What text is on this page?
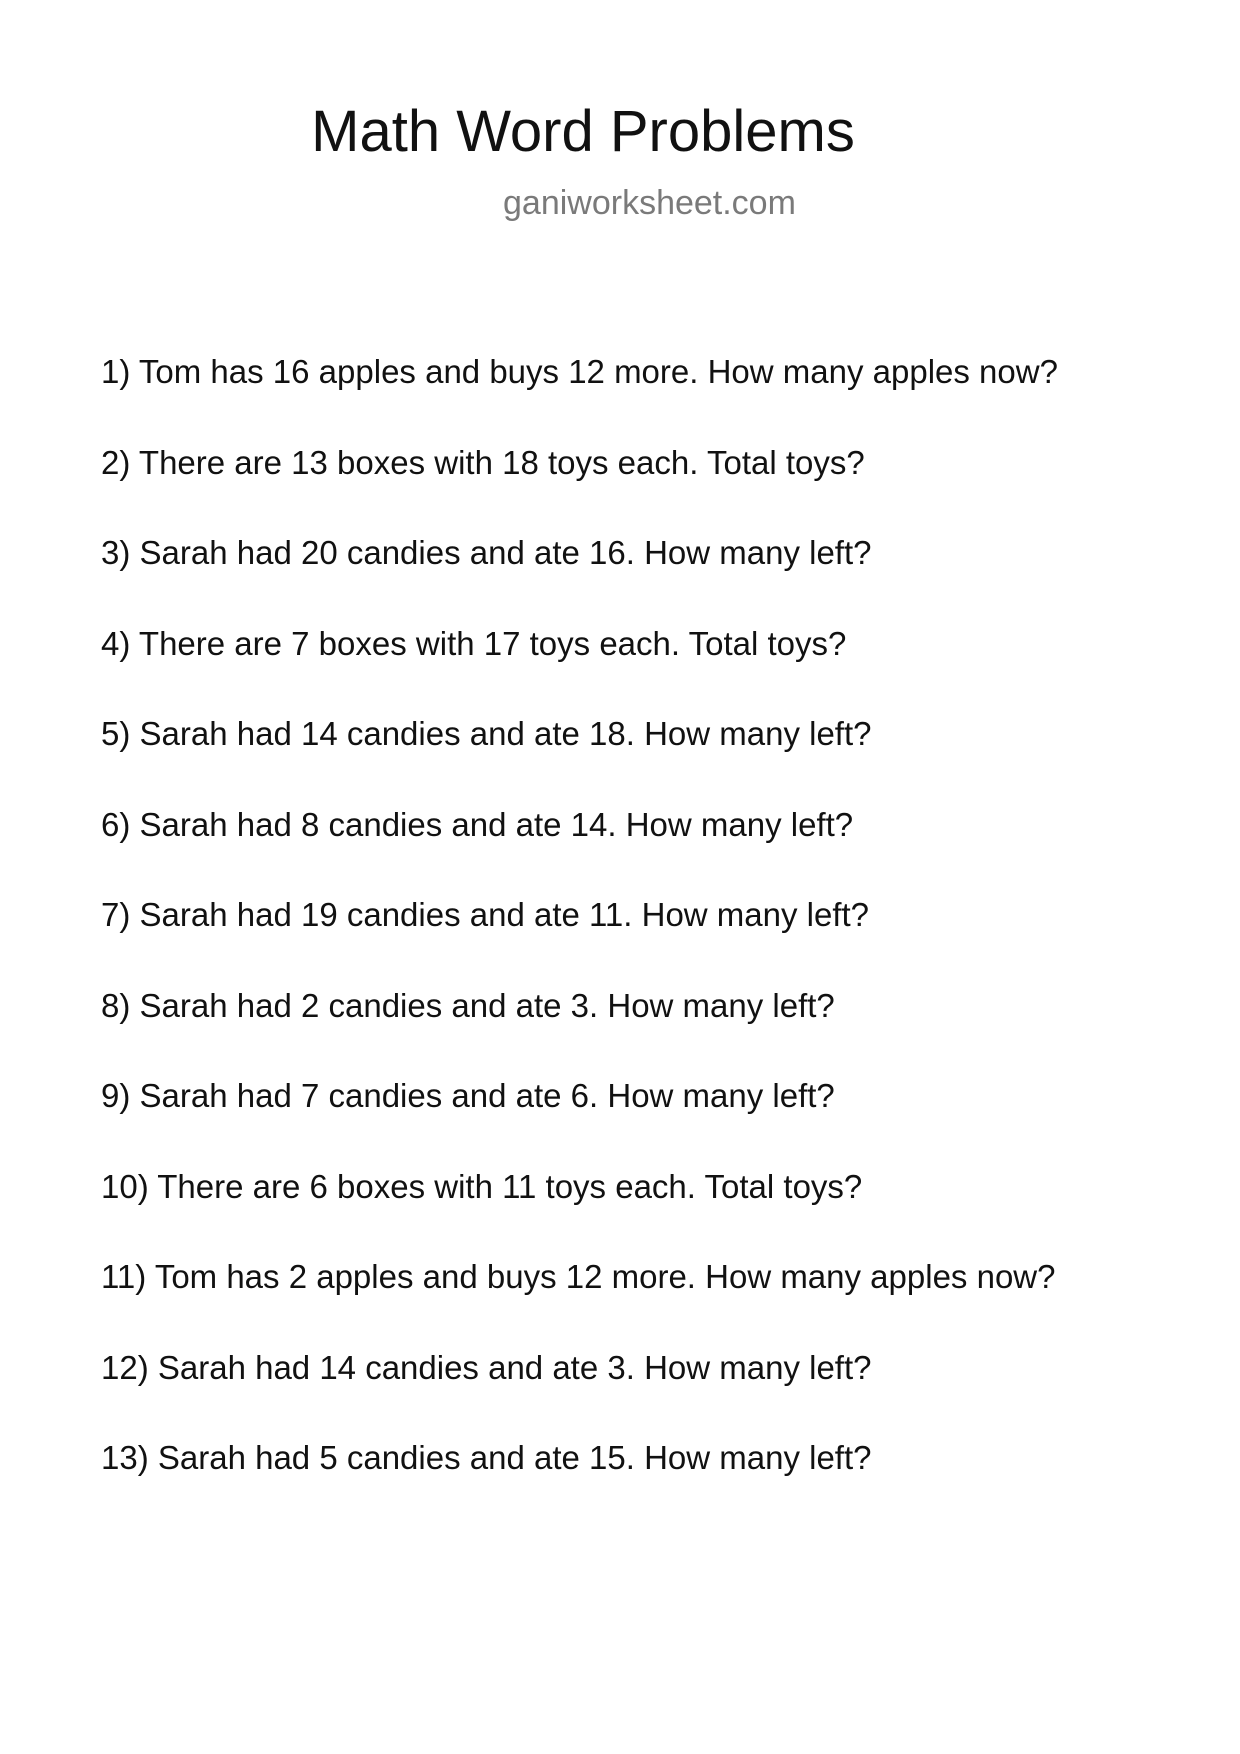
Math Word Problems
ganiworksheet.com
1) Tom has 16 apples and buys 12 more. How many apples now?
2) There are 13 boxes with 18 toys each. Total toys?
3) Sarah had 20 candies and ate 16. How many left?
4) There are 7 boxes with 17 toys each. Total toys?
5) Sarah had 14 candies and ate 18. How many left?
6) Sarah had 8 candies and ate 14. How many left?
7) Sarah had 19 candies and ate 11. How many left?
8) Sarah had 2 candies and ate 3. How many left?
9) Sarah had 7 candies and ate 6. How many left?
10) There are 6 boxes with 11 toys each. Total toys?
11) Tom has 2 apples and buys 12 more. How many apples now?
12) Sarah had 14 candies and ate 3. How many left?
13) Sarah had 5 candies and ate 15. How many left?
